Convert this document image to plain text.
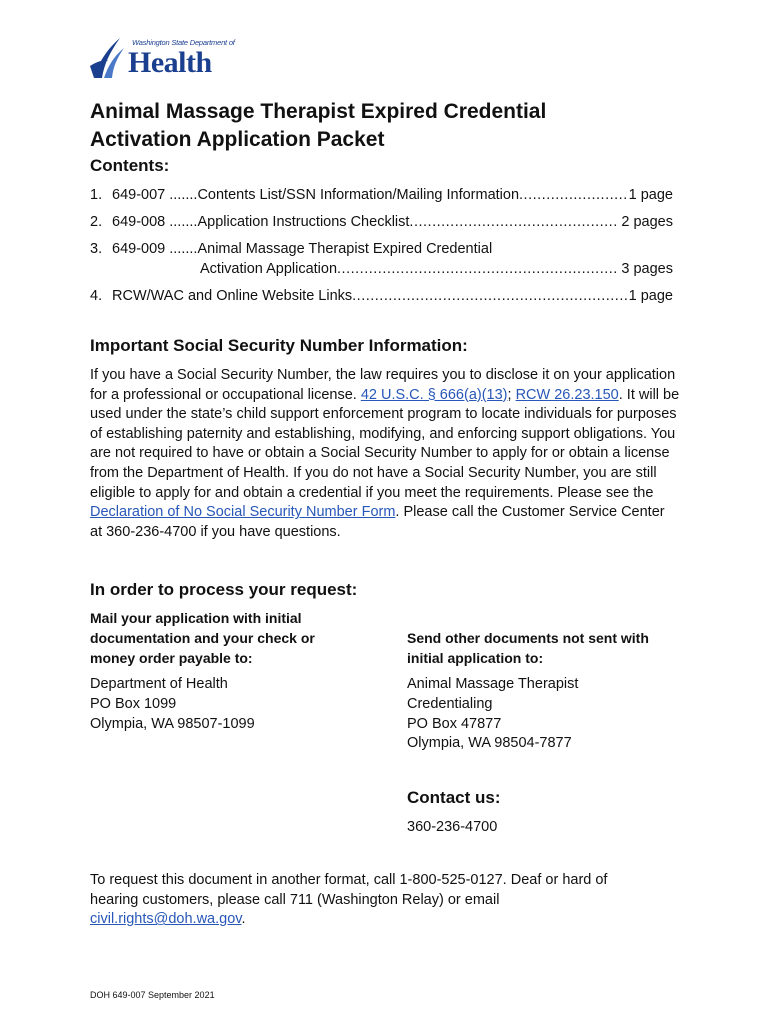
Washington State Department of
Health
Animal Massage Therapist Expired Credential
Activation Application Packet
Contents:
1. 649-007 ....... Contents List/SSN Information/Mailing Information .....	1 page
2. 649-008 ....... Application Instructions Checklist .....	2 pages
3. 649-009 ....... Animal Massage Therapist Expired Credential
Activation Application .....	3 pages
4. RCW/WAC and Online Website Links .....	1 page
Important Social Security Number Information:
If you have a Social Security Number, the law requires you to disclose it on your application for a professional or occupational license. 42 U.S.C. § 666(a)(13); RCW 26.23.150. It will be used under the state’s child support enforcement program to locate individuals for purposes of establishing paternity and establishing, modifying, and enforcing support obligations. You are not required to have or obtain a Social Security Number to apply for or obtain a license from the Department of Health. If you do not have a Social Security Number, you are still eligible to apply for and obtain a credential if you meet the requirements. Please see the Declaration of No Social Security Number Form. Please call the Customer Service Center at 360-236-4700 if you have questions.
In order to process your request:
Mail your application with initial documentation and your check or money order payable to:
Department of Health
PO Box 1099
Olympia, WA 98507-1099
Send other documents not sent with initial application to:
Animal Massage Therapist
Credentialing
PO Box 47877
Olympia, WA 98504-7877
Contact us:
360-236-4700
To request this document in another format, call 1-800-525-0127. Deaf or hard of hearing customers, please call 711 (Washington Relay) or email civil.rights@doh.wa.gov.
DOH 649-007 September 2021
